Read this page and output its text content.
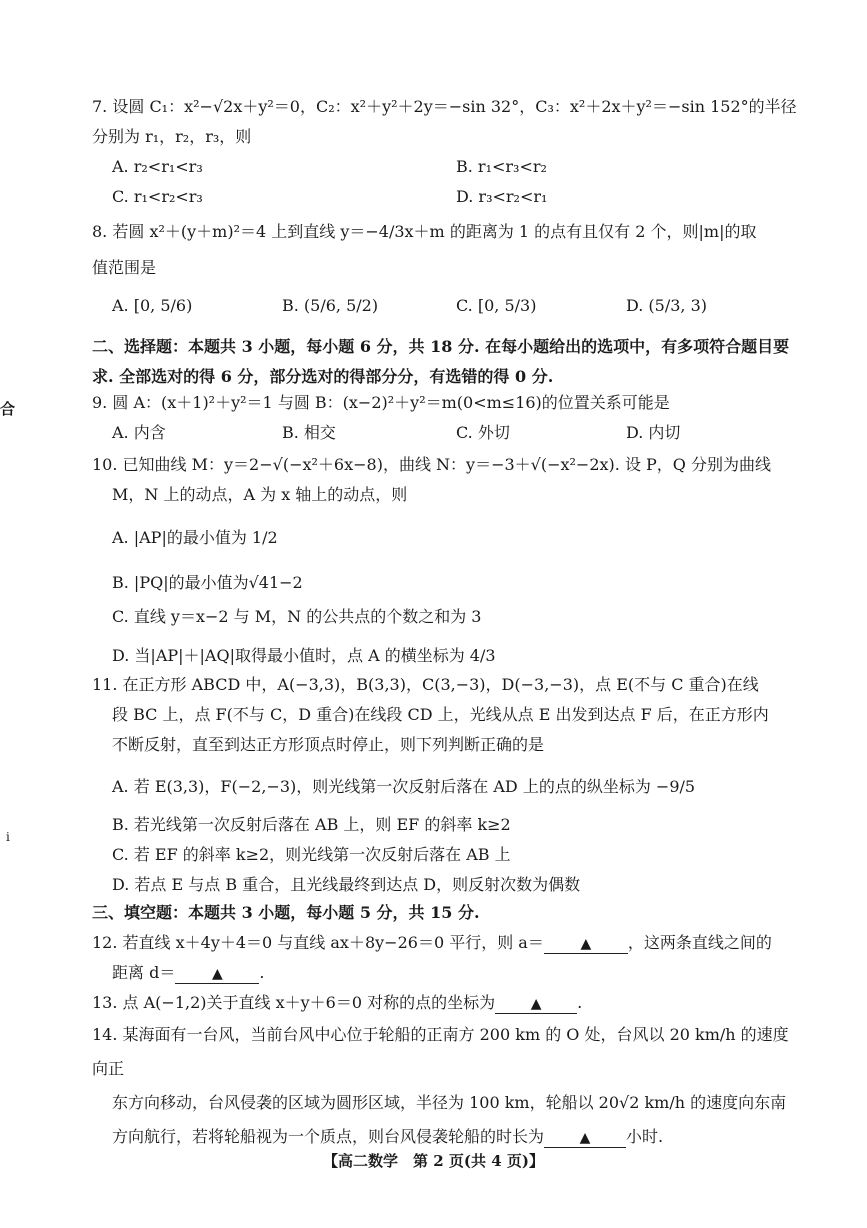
合
i
7. 设圆 C₁：x²−√2x＋y²＝0，C₂：x²＋y²＋2y＝−sin 32°，C₃：x²＋2x＋y²＝−sin 152°的半径
分别为 r₁，r₂，r₃，则
A. r₂<r₁<r₃	B. r₁<r₃<r₂
C. r₁<r₂<r₃	D. r₃<r₂<r₁
8. 若圆 x²＋(y＋m)²＝4 上到直线 y＝−4/3x＋m 的距离为 1 的点有且仅有 2 个，则|m|的取
值范围是
A. [0, 5/6)	B. (5/6, 5/2)	C. [0, 5/3)	D. (5/3, 3)
二、选择题：本题共 3 小题，每小题 6 分，共 18 分. 在每小题给出的选项中，有多项符合题目要
求. 全部选对的得 6 分，部分选对的得部分分，有选错的得 0 分.
9. 圆 A：(x＋1)²＋y²＝1 与圆 B：(x−2)²＋y²＝m(0<m≤16)的位置关系可能是
A. 内含	B. 相交	C. 外切	D. 内切
10. 已知曲线 M：y＝2−√(−x²＋6x−8)，曲线 N：y＝−3＋√(−x²−2x). 设 P，Q 分别为曲线
M，N 上的动点，A 为 x 轴上的动点，则
A. |AP|的最小值为 1/2
B. |PQ|的最小值为√41−2
C. 直线 y＝x−2 与 M，N 的公共点的个数之和为 3
D. 当|AP|＋|AQ|取得最小值时，点 A 的横坐标为 4/3
11. 在正方形 ABCD 中，A(−3,3)，B(3,3)，C(3,−3)，D(−3,−3)，点 E(不与 C 重合)在线
段 BC 上，点 F(不与 C，D 重合)在线段 CD 上，光线从点 E 出发到达点 F 后，在正方形内
不断反射，直至到达正方形顶点时停止，则下列判断正确的是
A. 若 E(3,3)，F(−2,−3)，则光线第一次反射后落在 AD 上的点的纵坐标为 −9/5
B. 若光线第一次反射后落在 AB 上，则 EF 的斜率 k≥2
C. 若 EF 的斜率 k≥2，则光线第一次反射后落在 AB 上
D. 若点 E 与点 B 重合，且光线最终到达点 D，则反射次数为偶数
三、填空题：本题共 3 小题，每小题 5 分，共 15 分.
12. 若直线 x＋4y＋4＝0 与直线 ax＋8y−26＝0 平行，则 a＝	▲ ，这两条直线之间的
距离 d＝	▲ .
13. 点 A(−1,2)关于直线 x＋y＋6＝0 对称的点的坐标为	▲ .
14. 某海面有一台风，当前台风中心位于轮船的正南方 200 km 的 O 处，台风以 20 km/h 的速度向正
东方向移动，台风侵袭的区域为圆形区域，半径为 100 km，轮船以 20√2 km/h 的速度向东南
方向航行，若将轮船视为一个质点，则台风侵袭轮船的时长为	▲ 小时.
【高二数学　第 2 页(共 4 页)】
